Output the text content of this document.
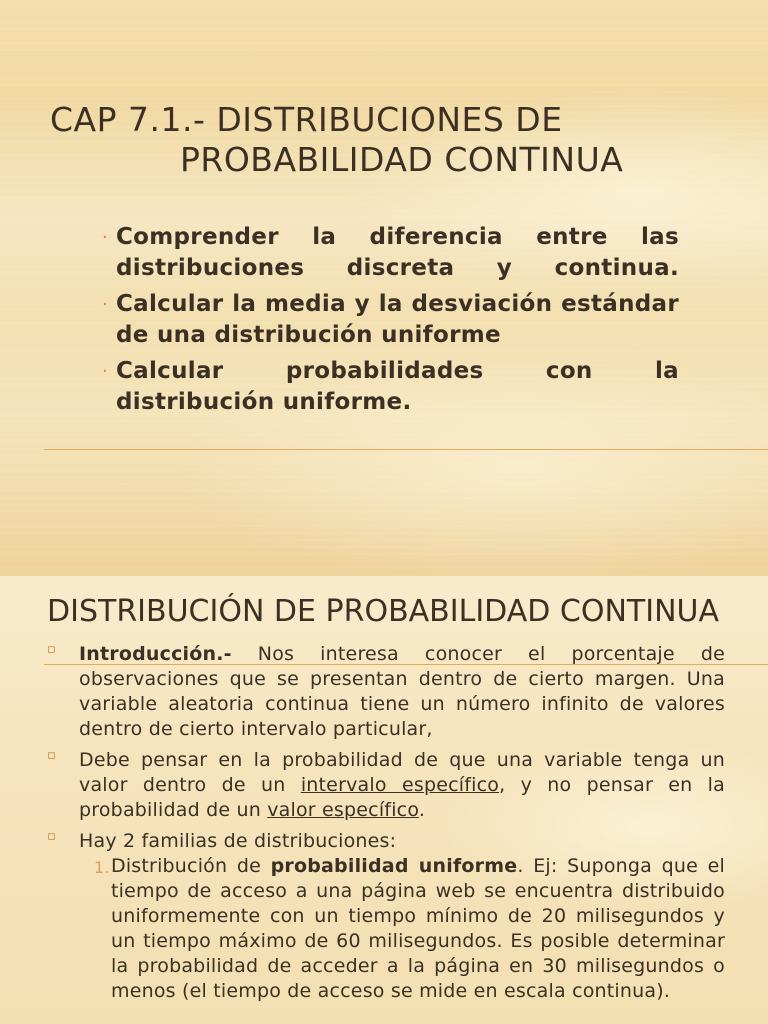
CAP 7.1.- DISTRIBUCIONES DE
PROBABILIDAD CONTINUA
· Comprender la diferencia entre las distribuciones discreta y continua.
· Calcular la media y la desviación estándar de una distribución uniforme
· Calcular probabilidades con la distribución uniforme.
DISTRIBUCIÓN DE PROBABILIDAD CONTINUA
▫ Introducción.- Nos interesa conocer el porcentaje de observaciones que se presentan dentro de cierto margen. Una variable aleatoria continua tiene un número infinito de valores dentro de cierto intervalo particular,
▫ Debe pensar en la probabilidad de que una variable tenga un valor dentro de un intervalo específico, y no pensar en la probabilidad de un valor específico.
▫ Hay 2 familias de distribuciones:
1. Distribución de probabilidad uniforme. Ej: Suponga que el tiempo de acceso a una página web se encuentra distribuido uniformemente con un tiempo mínimo de 20 milisegundos y un tiempo máximo de 60 milisegundos. Es posible determinar la probabilidad de acceder a la página en 30 milisegundos o menos (el tiempo de acceso se mide en escala continua).
